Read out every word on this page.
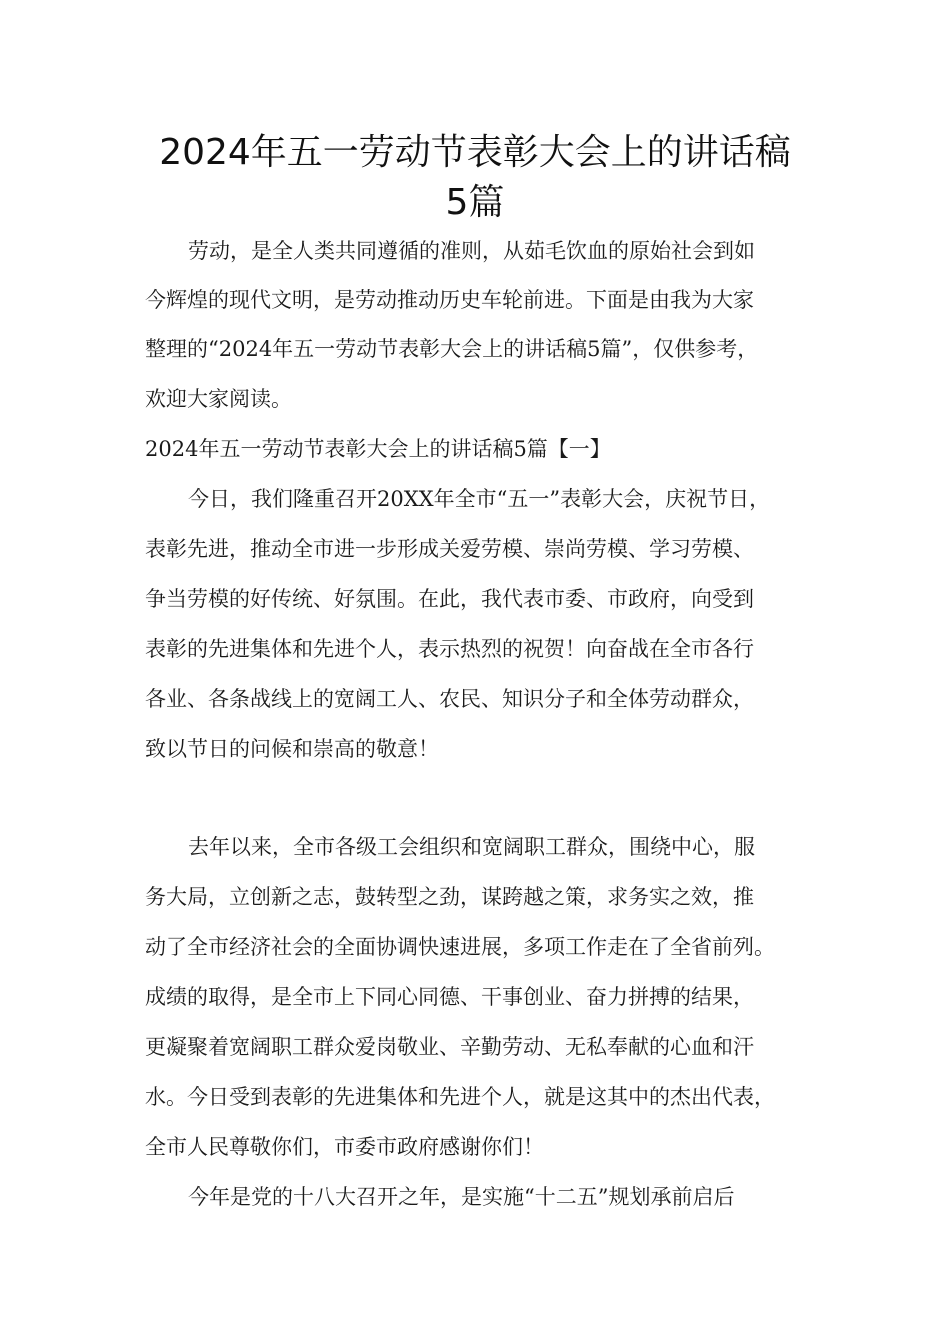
2024年五一劳动节表彰大会上的讲话稿
5篇

劳动，是全人类共同遵循的准则，从茹毛饮血的原始社会到如

今辉煌的现代文明，是劳动推动历史车轮前进。下面是由我为大家

整理的“2024年五一劳动节表彰大会上的讲话稿5篇”，仅供参考，

欢迎大家阅读。

2024年五一劳动节表彰大会上的讲话稿5篇【一】

今日，我们隆重召开20XX年全市“五一”表彰大会，庆祝节日，

表彰先进，推动全市进一步形成关爱劳模、崇尚劳模、学习劳模、

争当劳模的好传统、好氛围。在此，我代表市委、市政府，向受到

表彰的先进集体和先进个人，表示热烈的祝贺！向奋战在全市各行

各业、各条战线上的宽阔工人、农民、知识分子和全体劳动群众，

致以节日的问候和崇高的敬意！

去年以来，全市各级工会组织和宽阔职工群众，围绕中心，服

务大局，立创新之志，鼓转型之劲，谋跨越之策，求务实之效，推

动了全市经济社会的全面协调快速进展，多项工作走在了全省前列。

成绩的取得，是全市上下同心同德、干事创业、奋力拼搏的结果，

更凝聚着宽阔职工群众爱岗敬业、辛勤劳动、无私奉献的心血和汗

水。今日受到表彰的先进集体和先进个人，就是这其中的杰出代表，

全市人民尊敬你们，市委市政府感谢你们！

今年是党的十八大召开之年，是实施“十二五”规划承前启后
